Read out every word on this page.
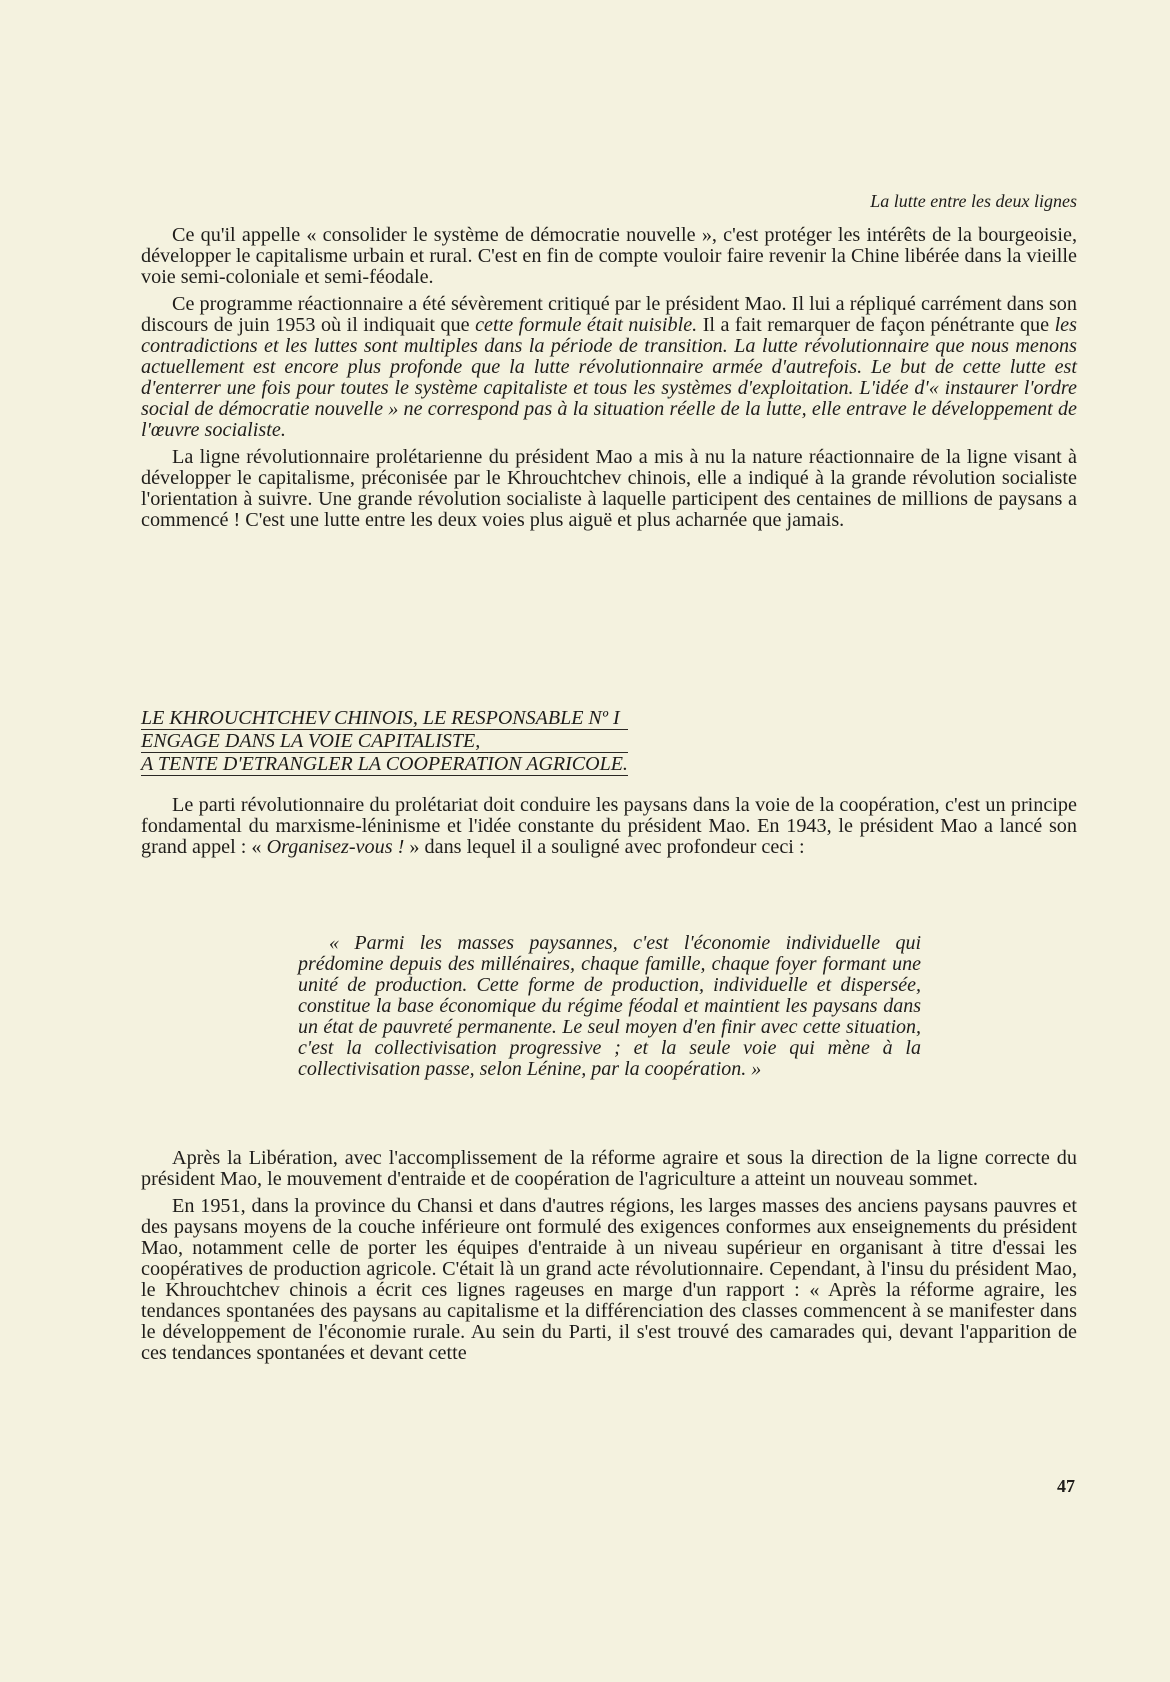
La lutte entre les deux lignes

Ce qu'il appelle « consolider le système de démocratie nouvelle », c'est protéger les intérêts de la bourgeoisie, développer le capitalisme urbain et rural. C'est en fin de compte vouloir faire revenir la Chine libérée dans la vieille voie semi-coloniale et semi-féodale.

Ce programme réactionnaire a été sévèrement critiqué par le président Mao. Il lui a répliqué carrément dans son discours de juin 1953 où il indiquait que cette formule était nuisible. Il a fait remarquer de façon pénétrante que les contradictions et les luttes sont multiples dans la période de transition. La lutte révolutionnaire que nous menons actuellement est encore plus profonde que la lutte révolutionnaire armée d'autrefois. Le but de cette lutte est d'enterrer une fois pour toutes le système capitaliste et tous les systèmes d'exploitation. L'idée d'« instaurer l'ordre social de démocratie nouvelle » ne correspond pas à la situation réelle de la lutte, elle entrave le développement de l'œuvre socialiste.

La ligne révolutionnaire prolétarienne du président Mao a mis à nu la nature réactionnaire de la ligne visant à développer le capitalisme, préconisée par le Khrouchtchev chinois, elle a indiqué à la grande révolution socialiste l'orientation à suivre. Une grande révolution socialiste à laquelle participent des centaines de millions de paysans a commencé ! C'est une lutte entre les deux voies plus aiguë et plus acharnée que jamais.

LE KHROUCHTCHEV CHINOIS, LE RESPONSABLE Nº I
ENGAGE DANS LA VOIE CAPITALISTE,
A TENTE D'ETRANGLER LA COOPERATION AGRICOLE.

Le parti révolutionnaire du prolétariat doit conduire les paysans dans la voie de la coopération, c'est un principe fondamental du marxisme-léninisme et l'idée constante du président Mao. En 1943, le président Mao a lancé son grand appel : « Organisez-vous ! » dans lequel il a souligné avec profondeur ceci :

« Parmi les masses paysannes, c'est l'économie individuelle qui prédomine depuis des millénaires, chaque famille, chaque foyer formant une unité de production. Cette forme de production, individuelle et dispersée, constitue la base économique du régime féodal et maintient les paysans dans un état de pauvreté permanente. Le seul moyen d'en finir avec cette situation, c'est la collectivisation progressive ; et la seule voie qui mène à la collectivisation passe, selon Lénine, par la coopération. »

Après la Libération, avec l'accomplissement de la réforme agraire et sous la direction de la ligne correcte du président Mao, le mouvement d'entraide et de coopération de l'agriculture a atteint un nouveau sommet.

En 1951, dans la province du Chansi et dans d'autres régions, les larges masses des anciens paysans pauvres et des paysans moyens de la couche inférieure ont formulé des exigences conformes aux enseignements du président Mao, notamment celle de porter les équipes d'entraide à un niveau supérieur en organisant à titre d'essai les coopératives de production agricole. C'était là un grand acte révolutionnaire. Cependant, à l'insu du président Mao, le Khrouchtchev chinois a écrit ces lignes rageuses en marge d'un rapport : « Après la réforme agraire, les tendances spontanées des paysans au capitalisme et la différenciation des classes commencent à se manifester dans le développement de l'économie rurale. Au sein du Parti, il s'est trouvé des camarades qui, devant l'apparition de ces tendances spontanées et devant cette

47
